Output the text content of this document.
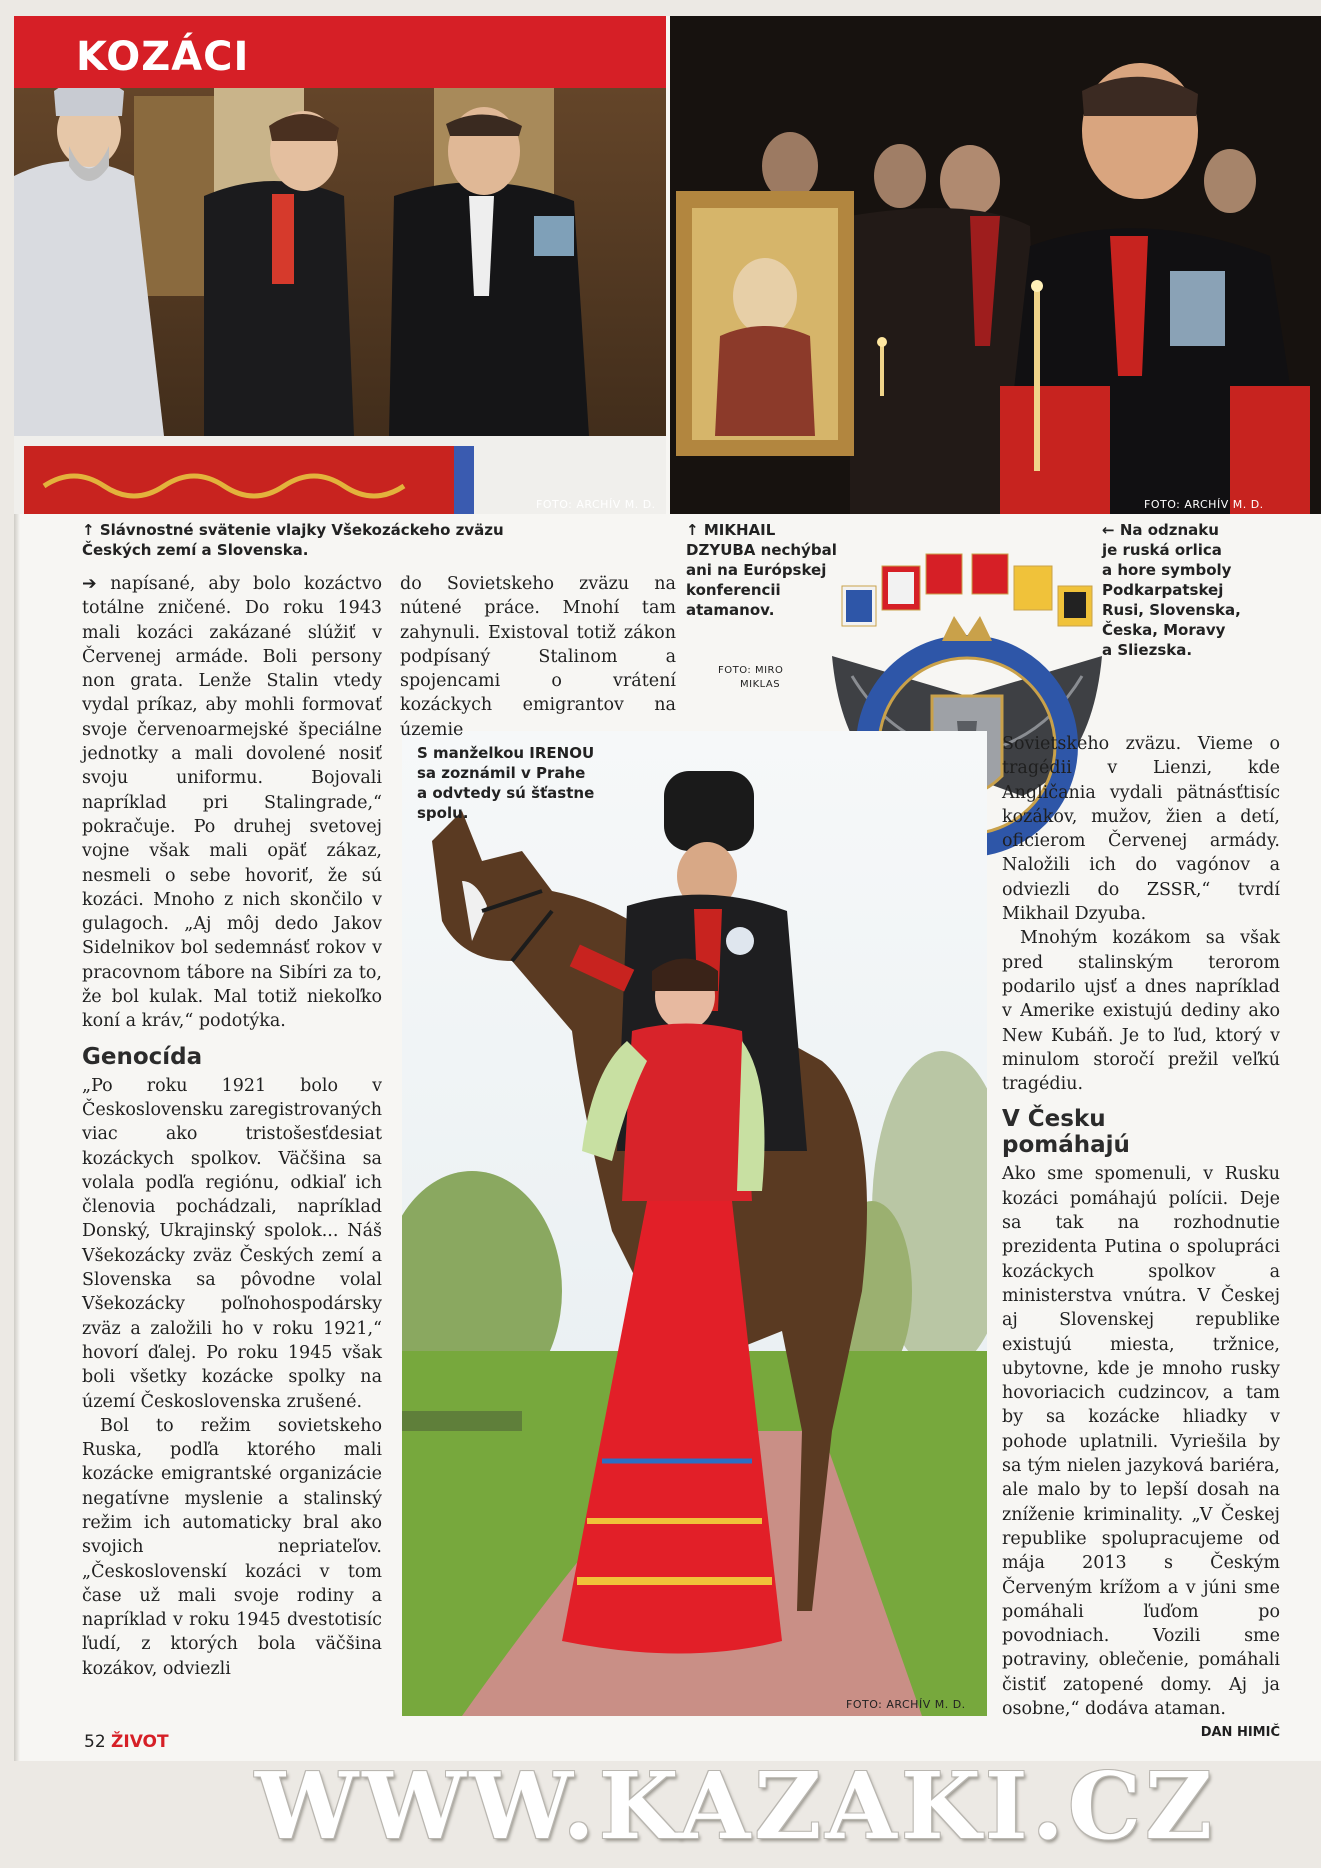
KOZÁCI
FOTO: ARCHÍV M. D.	FOTO: ARCHÍV M. D.
↑ Slávnostné svätenie vlajky Všekozáckeho zväzu
Českých zemí a Slovenska.
↑ MIKHAIL
DZYUBA nechýbal
ani na Európskej
konferencii
atamanov.
← Na odznaku
je ruská orlica
a hore symboly
Podkarpatskej
Rusi, Slovenska,
Česka, Moravy
a Sliezska.
FOTO: MIRO
MIKLAS
S manželkou IRENOU
sa zoznámil v Prahe
a odvtedy sú šťastne
spolu.
FOTO: ARCHÍV M. D.

➔ napísané, aby bolo kozáctvo totálne zničené. Do roku 1943 mali kozáci zakázané slúžiť v Červenej armáde. Boli persony non grata. Lenže Stalin vtedy vydal príkaz, aby mohli formovať svoje červenoarmejské špeciálne jednotky a mali dovolené nosiť svoju uniformu. Bojovali napríklad pri Stalingrade,“ pokračuje. Po druhej svetovej vojne však mali opäť zákaz, nesmeli o sebe hovoriť, že sú kozáci. Mnoho z nich skončilo v gulagoch. „Aj môj dedo Jakov Sidelnikov bol sedemnásť rokov v pracovnom tábore na Sibíri za to, že bol kulak. Mal totiž niekoľko koní a kráv,“ podotýka.

Genocída

„Po roku 1921 bolo v Československu zaregistrovaných viac ako tristošesťdesiat kozáckych spolkov. Väčšina sa volala podľa regiónu, odkiaľ ich členovia pochádzali, napríklad Donský, Ukrajinský spolok... Náš Všekozácky zväz Českých zemí a Slovenska sa pôvodne volal Všekozácky poľnohospodársky zväz a založili ho v roku 1921,“ hovorí ďalej. Po roku 1945 však boli všetky kozácke spolky na území Československa zrušené.

Bol to režim sovietskeho Ruska, podľa ktorého mali kozácke emigrantské organizácie negatívne myslenie a stalinský režim ich automaticky bral ako svojich nepriateľov. „Československí kozáci v tom čase už mali svoje rodiny a napríklad v roku 1945 dvestotisíc ľudí, z ktorých bola väčšina kozákov, odviezli

do Sovietskeho zväzu na nútené práce. Mnohí tam zahynuli. Existoval totiž zákon podpísaný Stalinom a spojencami o vrátení kozáckych emigrantov na územie

Sovietskeho zväzu. Vieme o tragédii v Lienzi, kde Angličania vydali pätnásťtisíc kozákov, mužov, žien a detí, oficierom Červenej armády. Naložili ich do vagónov a odviezli do ZSSR,“ tvrdí Mikhail Dzyuba.

Mnohým kozákom sa však pred stalinským terorom podarilo ujsť a dnes napríklad v Amerike existujú dediny ako New Kubáň. Je to ľud, ktorý v minulom storočí prežil veľkú tragédiu.

V Česku pomáhajú

Ako sme spomenuli, v Rusku kozáci pomáhajú polícii. Deje sa tak na rozhodnutie prezidenta Putina o spolupráci kozáckych spolkov a ministerstva vnútra. V Českej aj Slovenskej republike existujú miesta, tržnice, ubytovne, kde je mnoho rusky hovoriacich cudzincov, a tam by sa kozácke hliadky v pohode uplatnili. Vyriešila by sa tým nielen jazyková bariéra, ale malo by to lepší dosah na zníženie kriminality. „V Českej republike spolupracujeme od mája 2013 s Českým Červeným krížom a v júni sme pomáhali ľuďom po povodniach. Vozili sme potraviny, oblečenie, pomáhali čistiť zatopené domy. Aj ja osobne,“ dodáva ataman.

DAN HIMIČ
52 ŽIVOT
WWW.KAZAKI.CZ
